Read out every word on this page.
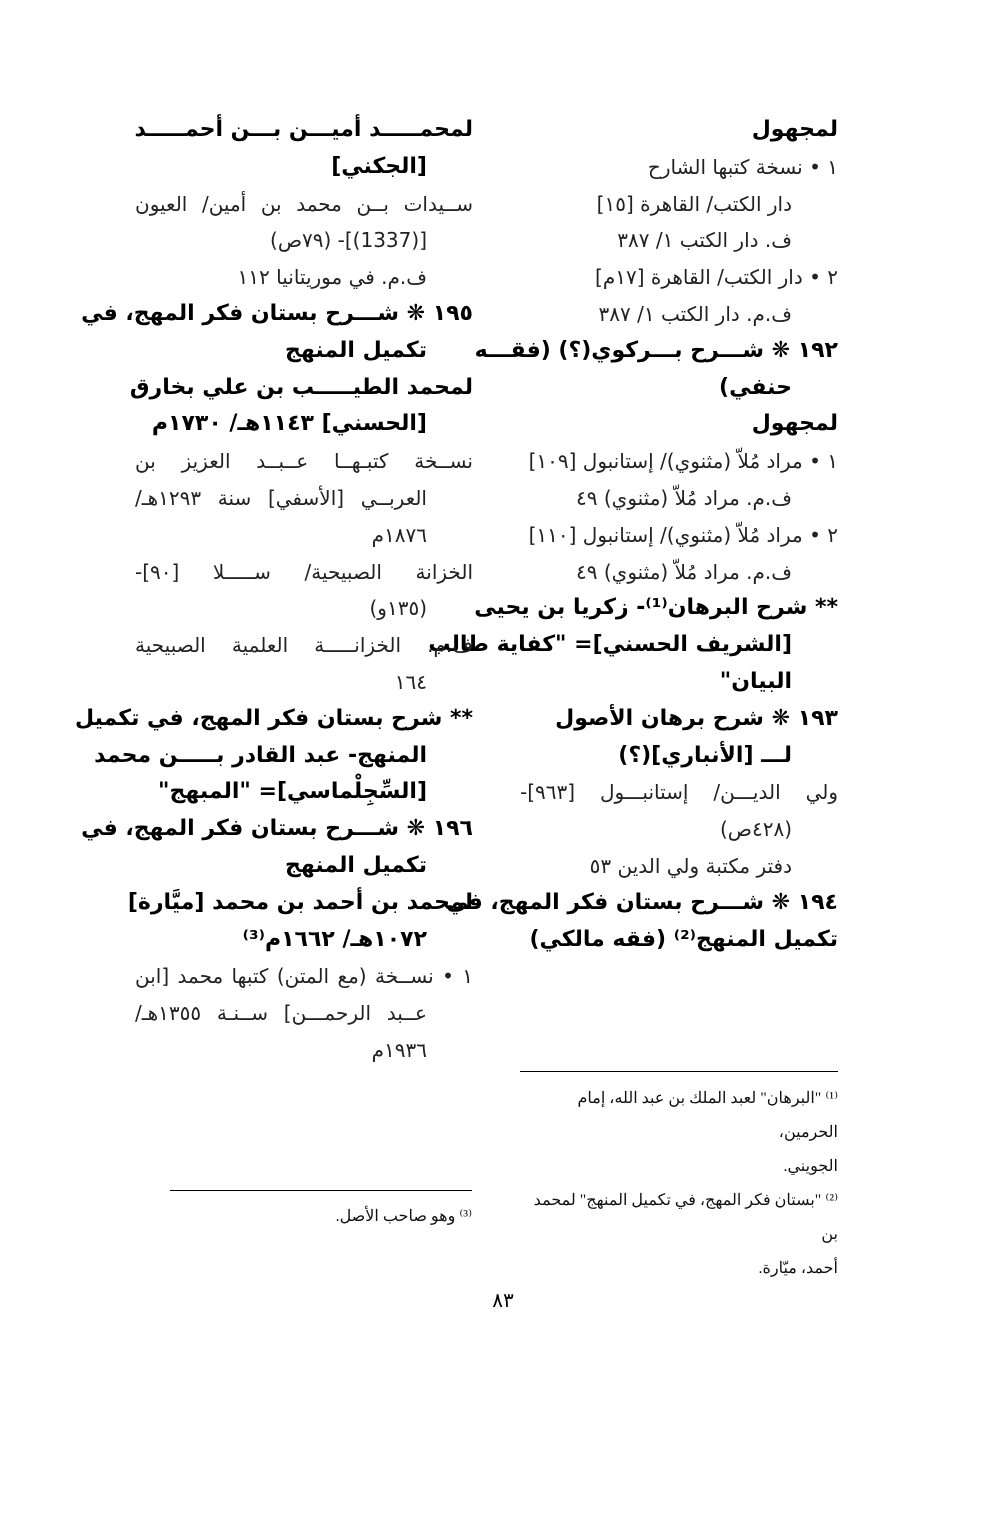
لمجهول
١ • نسخة كتبها الشارح
دار الكتب/ القاهرة [١٥]
ف. دار الكتب ١/ ٣٨٧
٢ • دار الكتب/ القاهرة [١٧م]
ف.م. دار الكتب ١/ ٣٨٧
١٩٢ ❋ شـــرح بـــركوي(؟) (فقـــه
حنفي)
لمجهول
١ • مراد مُلاّ (مثنوي)/ إستانبول [١٠٩]
ف.م. مراد مُلاّ (مثنوي) ٤٩
٢ • مراد مُلاّ (مثنوي)/ إستانبول [١١٠]
ف.م. مراد مُلاّ (مثنوي) ٤٩
** شرح البرهان⁽¹⁾- زكريا بن يحيى
[الشريف الحسني]= "كفاية طالب
البيان"
١٩٣ ❋ شرح برهان الأصول
لـــ [الأنباري](؟)
ولي الديـــن/ إستانبـــول [٩٦٣]-
(٤٢٨ص)
دفتر مكتبة ولي الدين ٥٣
١٩٤ ❋ شـــرح بستان فكر المهج، في
تكميل المنهج⁽²⁾ (فقه مالكي)
لمحمـــــد أميـــن بـــن أحمـــــد
[الجكني]
ســيدات بــن محمد بن أمين/ العيون
[(1337)]- (٧٩ص)
ف.م. في موريتانيا ١١٢
١٩٥ ❋ شـــرح بستان فكر المهج، في
تكميل المنهج
لمحمد الطيـــــب بن علي بخارق
[الحسني] ١١٤٣هـ/ ١٧٣٠م
نســخة كتبـهــا عــبــد العزيز بن
العربــي [الأسفي] سنة ١٢٩٣هـ/
١٨٧٦م
الخزانة الصبيحية/ ســـــلا [٩٠]-
(١٣٥و)
ف.م. الخزانـــــة العلمية الصبيحية
١٦٤
** شرح بستان فكر المهج، في تكميل
المنهج- عبد القادر بـــــن محمد
[السِّجِلْماسي]= "المبهج"
١٩٦ ❋ شـــرح بستان فكر المهج، في
تكميل المنهج
لمحمد بن أحمد بن محمد [ميَّارة]
١٠٧٢هـ/ ١٦٦٢م⁽³⁾
١ • نســخة (مع المتن) كتبها محمد [ابن
عــبد الرحمـــن] ســنـة ١٣٥٥هـ/
١٩٣٦م
⁽¹⁾ "البرهان" لعبد الملك بن عبد الله، إمام الحرمين،
الجويني.
⁽²⁾ "بستان فكر المهج، في تكميل المنهج" لمحمد بن
أحمد، ميّارة.
⁽³⁾ وهو صاحب الأصل.
٨٣
